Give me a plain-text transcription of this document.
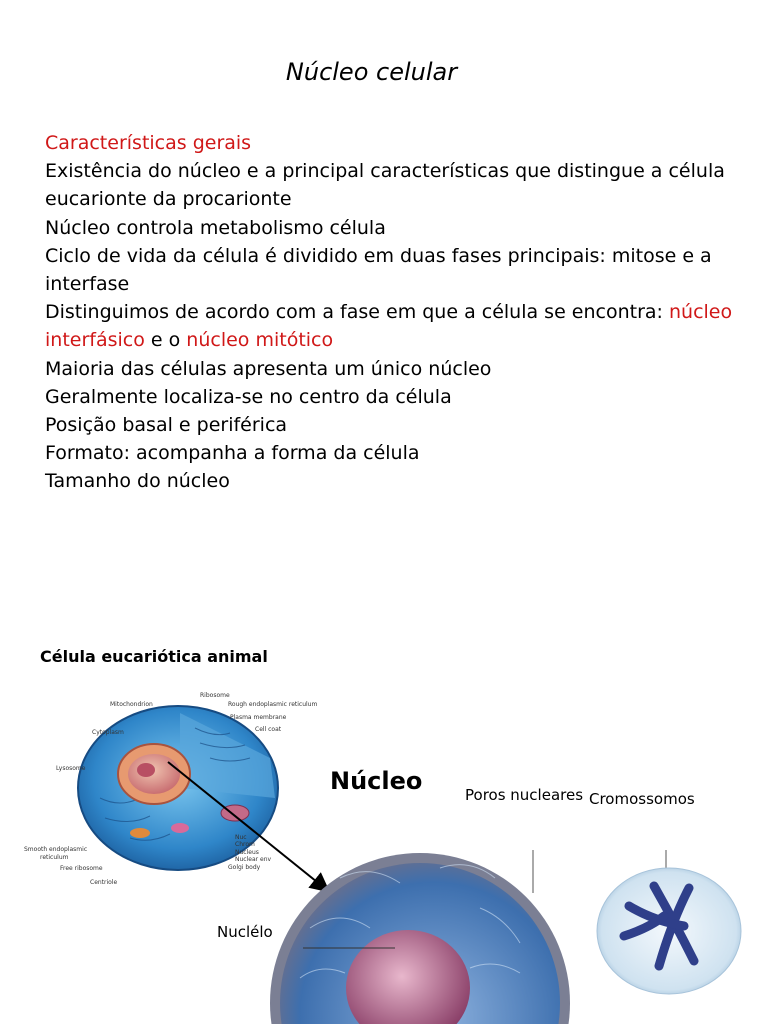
Núcleo celular

Características gerais

Existência do núcleo e a principal características que distingue a célula eucarionte da procarionte

Núcleo controla metabolismo célula

Ciclo de vida da célula é dividido em duas fases principais: mitose e a interfase

Distinguimos de acordo com a fase em que a célula se encontra: núcleo interfásico e o núcleo mitótico

Maioria das células apresenta um único núcleo

Geralmente localiza-se no centro da célula

Posição basal e periférica

Formato: acompanha a forma da célula

Tamanho do núcleo

Célula eucariótica animal
Ribosome
Rough endoplasmic reticulum
Mitochondrion
Plasma membrane
Cell coat
Cytoplasm
Lysosome
Smooth endoplasmic
reticulum
Free ribosome
Centriole
Nuc
Chrom
Nucleus
Nuclear env
Golgi body
Núcleo	Poros nucleares Cromossomos
Nuclélo
